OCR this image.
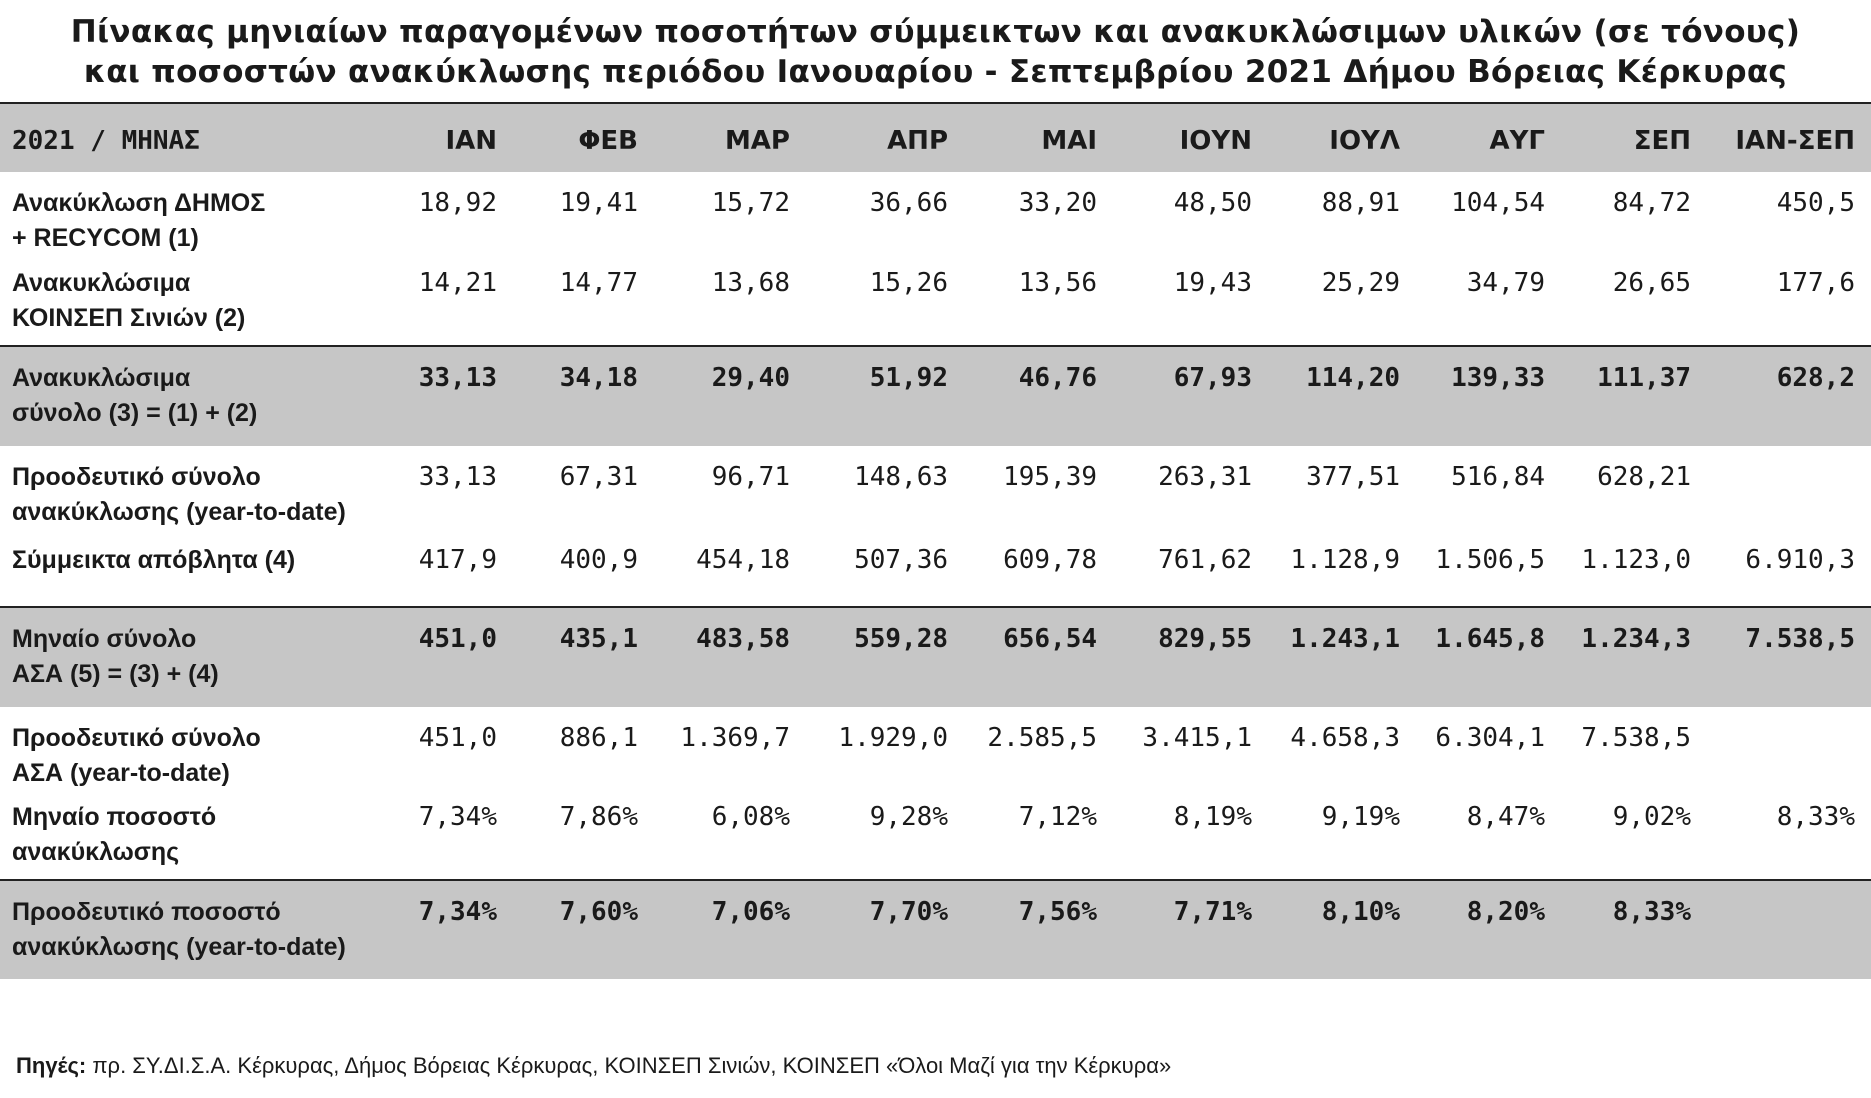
Πίνακας μηνιαίων παραγομένων ποσοτήτων σύμμεικτων και ανακυκλώσιμων υλικών (σε τόνους)
και ποσοστών ανακύκλωσης περιόδου Ιανουαρίου - Σεπτεμβρίου 2021 Δήμου Βόρειας Κέρκυρας
2021 / ΜΗΝΑΣ	ΙΑΝ	ΦΕΒ	ΜΑΡ	ΑΠΡ	ΜΑΙ	ΙΟΥΝ	ΙΟΥΛ	ΑΥΓ	ΣΕΠ ΙΑΝ-ΣΕΠ
Ανακύκλωση ΔΗΜΟΣ
+ RECYCOM (1)
18,92 19,41	15,72	36,66	33,20	48,50	88,91 104,54	84,72	450,5
Ανακυκλώσιμα
ΚΟΙΝΣΕΠ Σινιών (2)
14,21 14,77	13,68	15,26	13,56	19,43	25,29	34,79	26,65	177,6
Ανακυκλώσιμα
σύνολο (3) = (1) + (2)
33,13 34,18	29,40	51,92	46,76	67,93 114,20 139,33 111,37	628,2
Προοδευτικό σύνολο
ανακύκλωσης (year-to-date)
33,13 67,31	96,71 148,63 195,39 263,31 377,51 516,84 628,21
Σύμμεικτα απόβλητα (4)	417,9 400,9 454,18 507,36 609,78 761,62 1.128,9 1.506,5 1.123,0 6.910,3
Μηναίο σύνολο
ΑΣΑ (5) = (3) + (4)
451,0 435,1 483,58 559,28 656,54 829,55 1.243,1 1.645,8 1.234,3 7.538,5
Προοδευτικό σύνολο
ΑΣΑ (year-to-date)
451,0 886,1 1.369,7 1.929,0 2.585,5 3.415,1 4.658,3 6.304,1 7.538,5
Μηναίο ποσοστό
ανακύκλωσης
7,34% 7,86%	6,08%	9,28%	7,12%	8,19%	9,19%	8,47%	9,02%	8,33%
Προοδευτικό ποσοστό
ανακύκλωσης (year-to-date)
7,34% 7,60%	7,06%	7,70%	7,56%	7,71%	8,10%	8,20%	8,33%
Πηγές: πρ. ΣΥ.ΔΙ.Σ.Α. Κέρκυρας, Δήμος Βόρειας Κέρκυρας, ΚΟΙΝΣΕΠ Σινιών, ΚΟΙΝΣΕΠ «Όλοι Μαζί για την Κέρκυρα»
